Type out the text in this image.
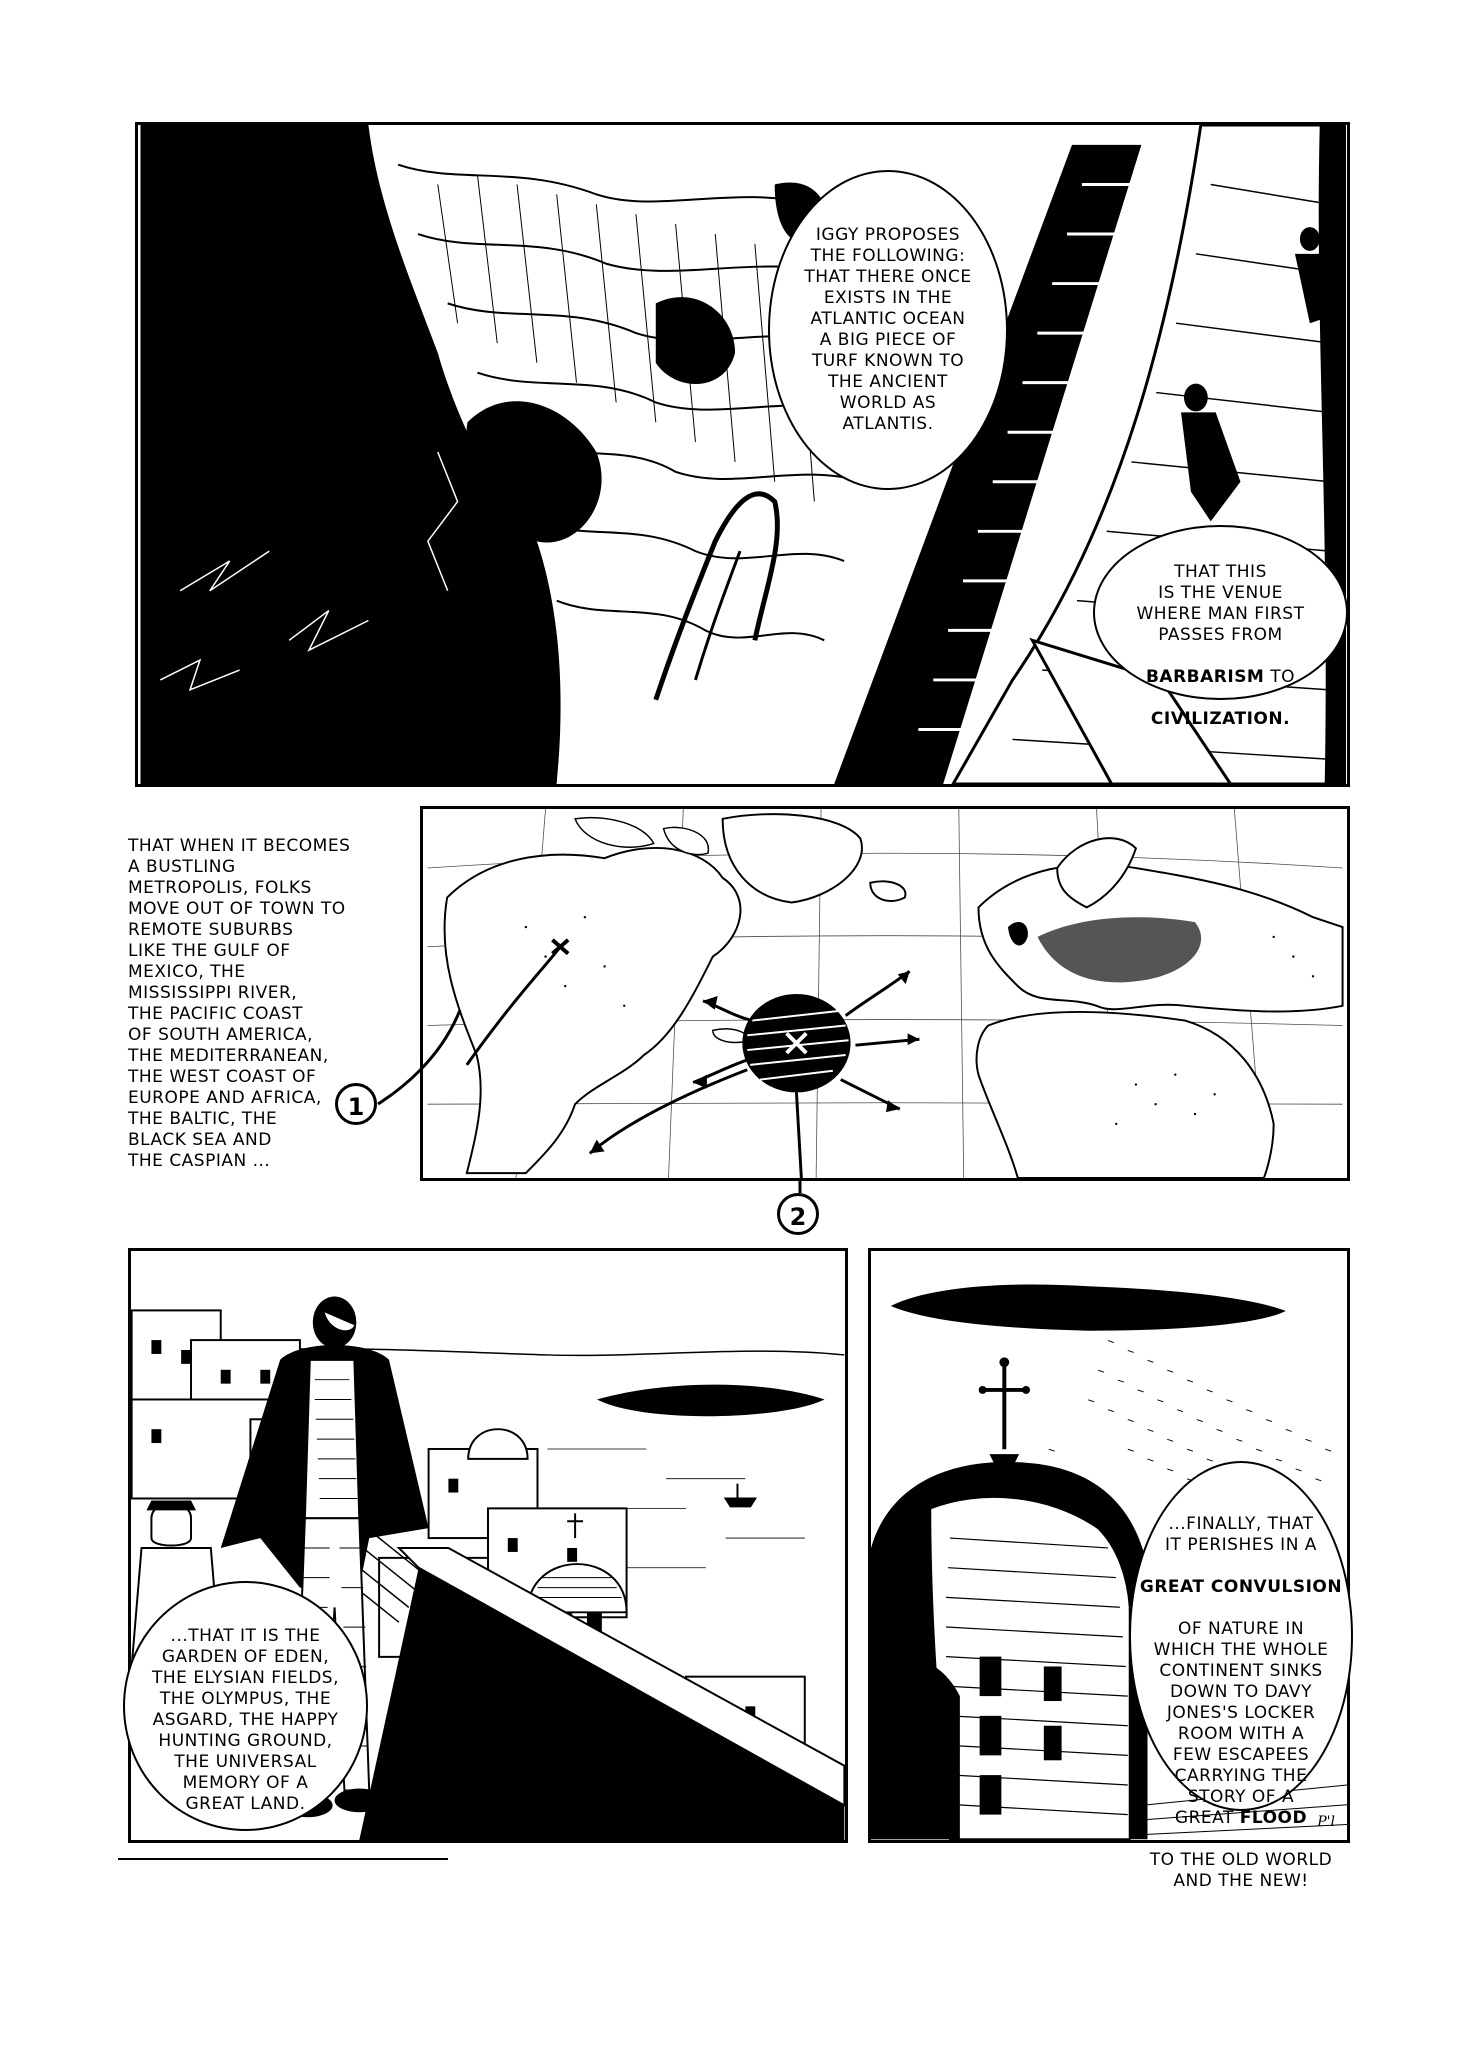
IGGY PROPOSES
THE FOLLOWING:
THAT THERE ONCE
EXISTS IN THE
ATLANTIC OCEAN
A BIG PIECE OF
TURF KNOWN TO
THE ANCIENT
WORLD AS
ATLANTIS.

THAT THIS
IS THE VENUE
WHERE MAN FIRST
PASSES FROM

BARBARISM TO

CIVILIZATION.

THAT WHEN IT BECOMES
A BUSTLING
METROPOLIS, FOLKS
MOVE OUT OF TOWN TO
REMOTE SUBURBS
LIKE THE GULF OF
MEXICO, THE
MISSISSIPPI RIVER,
THE PACIFIC COAST
OF SOUTH AMERICA,
THE MEDITERRANEAN,
THE WEST COAST OF
EUROPE AND AFRICA,
THE BALTIC, THE
BLACK SEA AND
THE CASPIAN ...

1
2

...THAT IT IS THE
GARDEN OF EDEN,
THE ELYSIAN FIELDS,
THE OLYMPUS, THE
ASGARD, THE HAPPY
HUNTING GROUND,
THE UNIVERSAL
MEMORY OF A
GREAT LAND.

...FINALLY, THAT
IT PERISHES IN A

GREAT CONVULSION

OF NATURE IN
WHICH THE WHOLE
CONTINENT SINKS
DOWN TO DAVY
JONES'S LOCKER
ROOM WITH A
FEW ESCAPEES
CARRYING THE
STORY OF A
GREAT FLOOD

TO THE OLD WORLD
AND THE NEW!

P'l
